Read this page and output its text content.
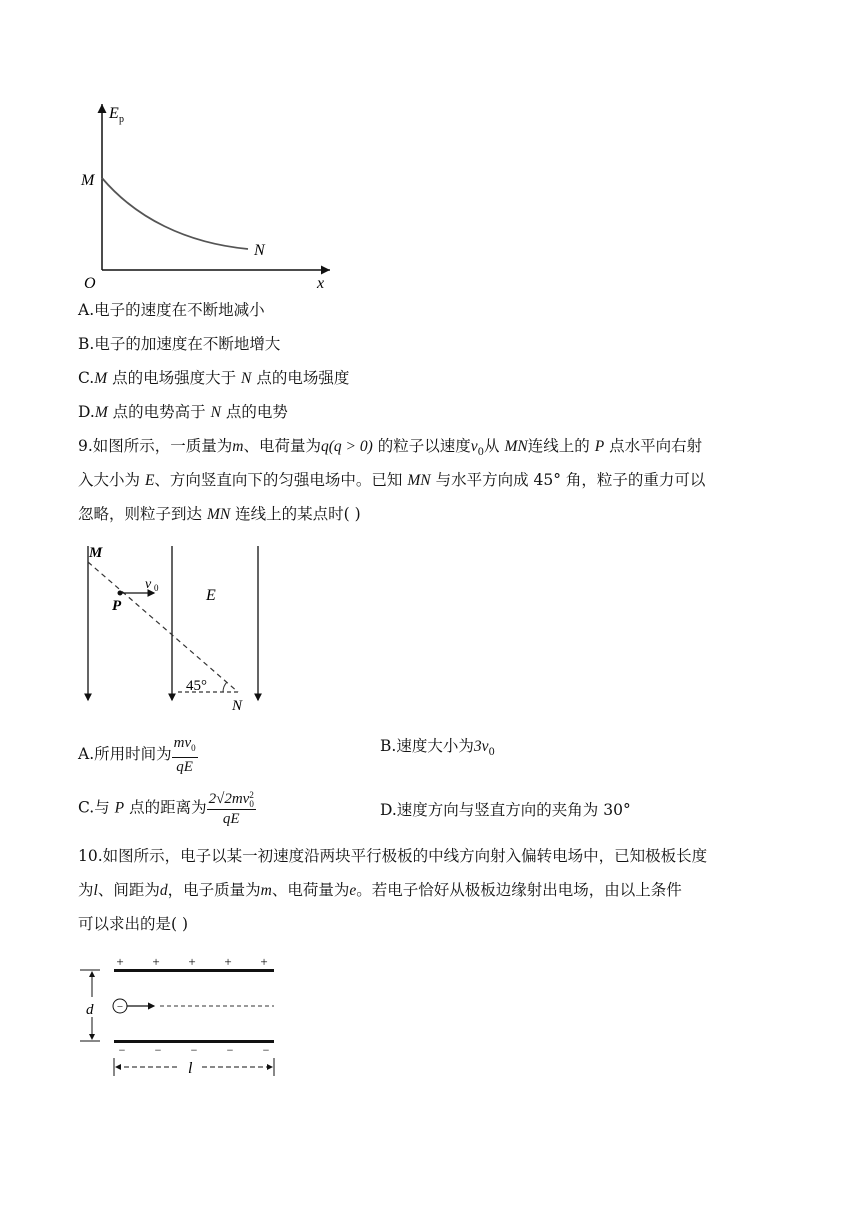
E p
M
N
O	x
A.电子的速度在不断地减小
B.电子的加速度在不断地增大
C.M 点的电场强度大于 N 点的电场强度
D.M 点的电势高于 N 点的电势
9.如图所示，一质量为m、电荷量为q(q > 0) 的粒子以速度$v_0$从 MN连线上的 P 点水平向右射
入大小为 E、方向竖直向下的匀强电场中。已知 MN 与水平方向成 45° 角，粒子的重力可以
忽略，则粒子到达 MN 连线上的某点时( )
M
P
v 0	E
45°
N
A.所用时间为 $\frac{mv_0}{qE}$	B.速度大小为$3v_0$
C.与 P 点的距离为 2√2mv 2
0
qE	D.速度方向与竖直方向的夹角为 30°
10.如图所示，电子以某一初速度沿两块平行极板的中线方向射入偏转电场中，已知极板长度
为l、间距为d，电子质量为m、电荷量为e。若电子恰好从极板边缘射出电场，由以上条件
可以求出的是( )
+ + + + +
− − − − −
d −
l
